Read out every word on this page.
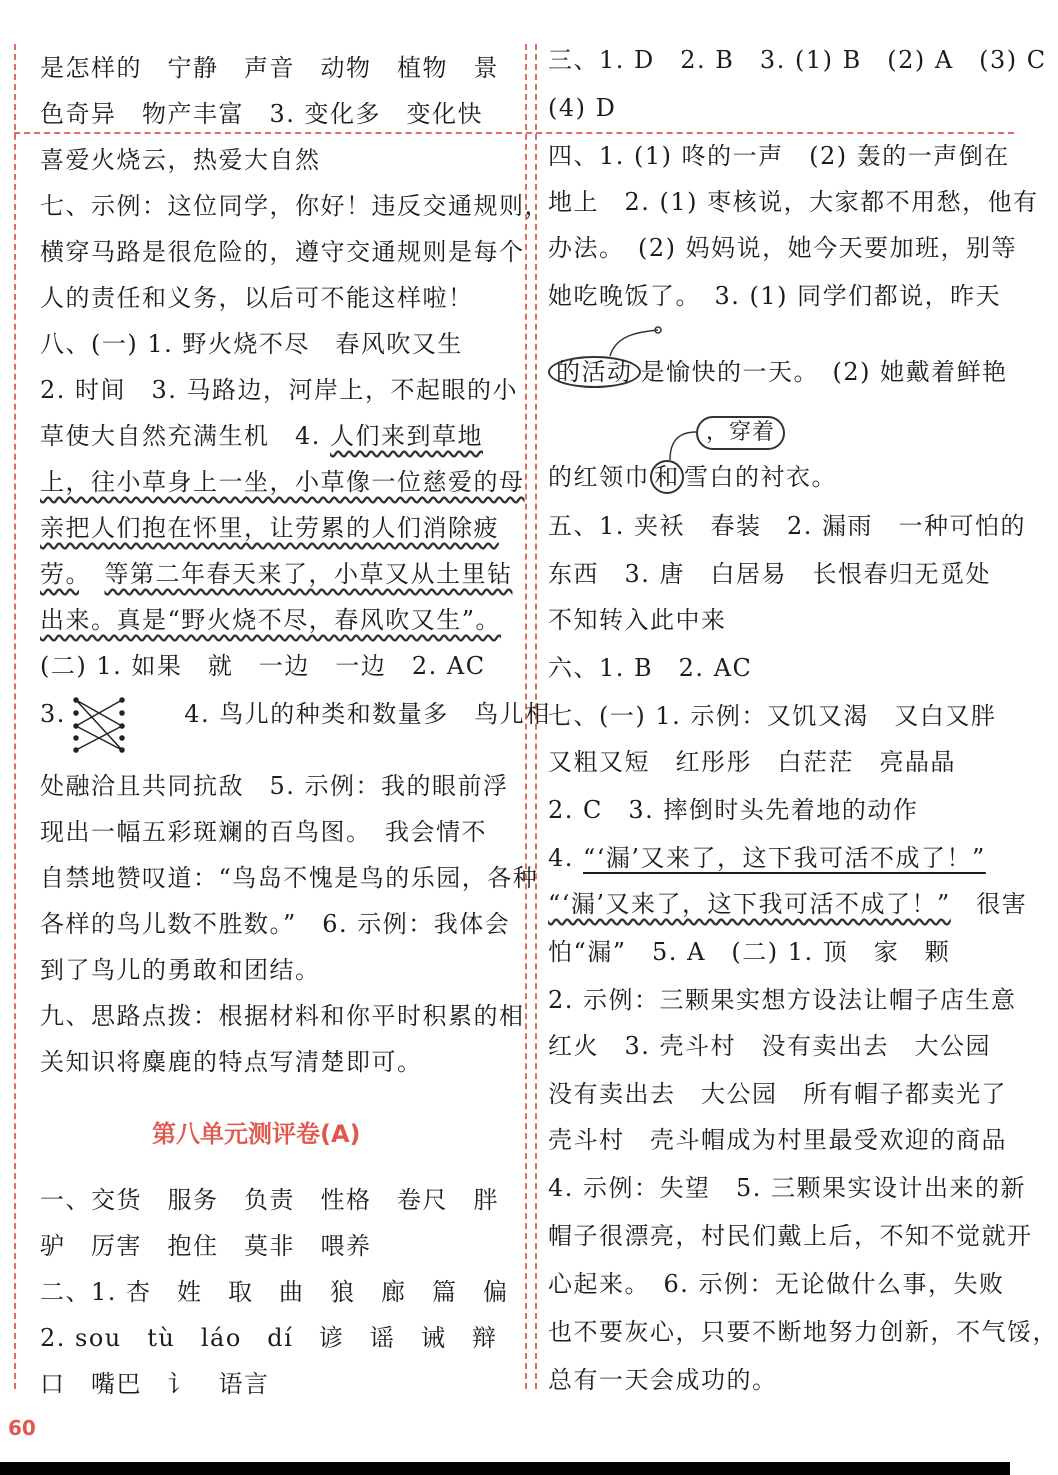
是怎样的　宁静　声音　动物　植物　景
色奇异　物产丰富　3. 变化多　变化快
喜爱火烧云，热爱大自然
七、示例：这位同学，你好！违反交通规则，
横穿马路是很危险的，遵守交通规则是每个
人的责任和义务，以后可不能这样啦！
八、(一) 1. 野火烧不尽　春风吹又生
2. 时间　3. 马路边，河岸上，不起眼的小
草使大自然充满生机　4. 人们来到草地
上，往小草身上一坐，小草像一位慈爱的母
亲把人们抱在怀里，让劳累的人们消除疲
劳。　 等第二年春天来了，小草又从土里钻
出来。真是“野火烧不尽，春风吹又生”。
(二) 1. 如果　就　一边　一边　2. AC
3.	4. 鸟儿的种类和数量多　鸟儿相
处融洽且共同抗敌　5. 示例：我的眼前浮
现出一幅五彩斑斓的百鸟图。　我会情不
自禁地赞叹道：“鸟岛不愧是鸟的乐园，各种
各样的鸟儿数不胜数。”　6. 示例：我体会
到了鸟儿的勇敢和团结。
九、思路点拨：根据材料和你平时积累的相
关知识将麋鹿的特点写清楚即可。
一、交货　服务　负责　性格　卷尺　胖
驴　厉害　抱住　莫非　喂养
二、1. 杏　姓　取　曲　狼　廊　篇　偏
2. sou　tù　láo　dí　谚　谣　诫　辩
口　嘴巴　讠　语言
第八单元测评卷(A)
三、1. D　2. B　3. (1) B　(2) A　(3) C
(4) D
四、1. (1) 咚的一声　(2) 轰的一声倒在
地上　2. (1) 枣核说，大家都不用愁，他有
办法。　(2) 妈妈说，她今天要加班，别等
她吃晚饭了。　3. (1) 同学们都说，昨天
的活动 是愉快的一天。　(2) 她戴着鲜艳
，穿着
的红领巾 和 雪白的衬衣。
五、1. 夹袄　春装　2. 漏雨　一种可怕的
东西　3. 唐　白居易　长恨春归无觅处
不知转入此中来
六、1. B　2. AC
七、(一) 1. 示例：又饥又渴　又白又胖
又粗又短　红彤彤　白茫茫　亮晶晶
2. C　3. 摔倒时头先着地的动作
4. “‘漏’又来了，这下我可活不成了！”
“‘漏’又来了，这下我可活不成了！”　很害
怕“漏”　5. A　(二) 1. 顶　家　颗
2. 示例：三颗果实想方设法让帽子店生意
红火　3. 壳斗村　没有卖出去　大公园
没有卖出去　大公园　所有帽子都卖光了
壳斗村　壳斗帽成为村里最受欢迎的商品
4. 示例：失望　5. 三颗果实设计出来的新
帽子很漂亮，村民们戴上后，不知不觉就开
心起来。　6. 示例：无论做什么事，失败
也不要灰心，只要不断地努力创新，不气馁，
总有一天会成功的。
60
